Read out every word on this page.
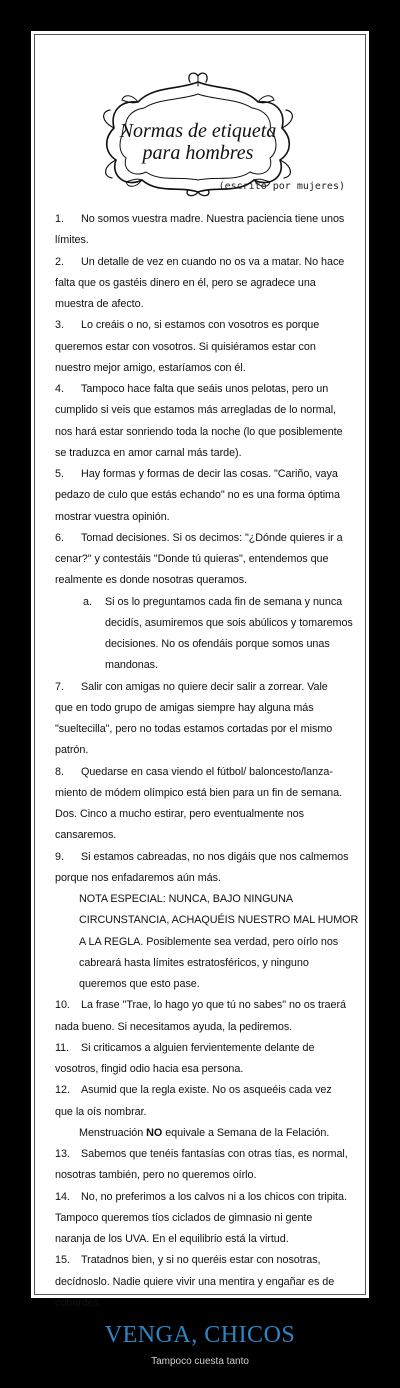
Normas de etiqueta
para hombres
(escrito por mujeres)
1.	No somos vuestra madre. Nuestra paciencia tiene unos
límites.
2.	Un detalle de vez en cuando no os va a matar. No hace
falta que os gastéis dinero en él, pero se agradece una
muestra de afecto.
3.	Lo creáis o no, si estamos con vosotros es porque
queremos estar con vosotros. Si quisiéramos estar con
nuestro mejor amigo, estaríamos con él.
4.	Tampoco hace falta que seáis unos pelotas, pero un
cumplido si veis que estamos más arregladas de lo normal,
nos hará estar sonriendo toda la noche (lo que posiblemente
se traduzca en amor carnal más tarde).
5.	Hay formas y formas de decir las cosas. "Cariño, vaya
pedazo de culo que estás echando" no es una forma óptima
mostrar vuestra opinión.
6.	Tomad decisiones. Si os decimos: "¿Dónde quieres ir a
cenar?" y contestáis "Donde tú quieras", entendemos que
realmente es donde nosotras queramos.
a.	Si os lo preguntamos cada fin de semana y nunca
decidís, asumiremos que sois abúlicos y tomaremos
decisiones. No os ofendáis porque somos unas
mandonas.
7.	Salir con amigas no quiere decir salir a zorrear. Vale
que en todo grupo de amigas siempre hay alguna más
"sueltecilla", pero no todas estamos cortadas por el mismo
patrón.
8.	Quedarse en casa viendo el fútbol/ baloncesto/lanza-
miento de módem olímpico está bien para un fin de semana.
Dos. Cinco a mucho estirar, pero eventualmente nos
cansaremos.
9.	Si estamos cabreadas, no nos digáis que nos calmemos
porque nos enfadaremos aún más.
NOTA ESPECIAL: NUNCA, BAJO NINGUNA
CIRCUNSTANCIA, ACHAQUÉIS NUESTRO MAL HUMOR
A LA REGLA. Posiblemente sea verdad, pero oírlo nos
cabreará hasta límites estratosféricos, y ninguno
queremos que esto pase.
10.	La frase "Trae, lo hago yo que tú no sabes" no os traerá
nada bueno. Si necesitamos ayuda, la pediremos.
11.	Si criticamos a alguien fervientemente delante de
vosotros, fingid odio hacia esa persona.
12.	Asumid que la regla existe. No os asqueéis cada vez
que la oís nombrar.
Menstruación NO equivale a Semana de la Felación.
13.	Sabemos que tenéis fantasías con otras tías, es normal,
nosotras también, pero no queremos oírlo.
14.	No, no preferimos a los calvos ni a los chicos con tripita.
Tampoco queremos tíos ciclados de gimnasio ni gente
naranja de los UVA. En el equilibrio está la virtud.
15.	Tratadnos bien, y si no queréis estar con nosotras,
decídnoslo. Nadie quiere vivir una mentira y engañar es de
cobardes.
VENGA, CHICOS
Tampoco cuesta tanto
